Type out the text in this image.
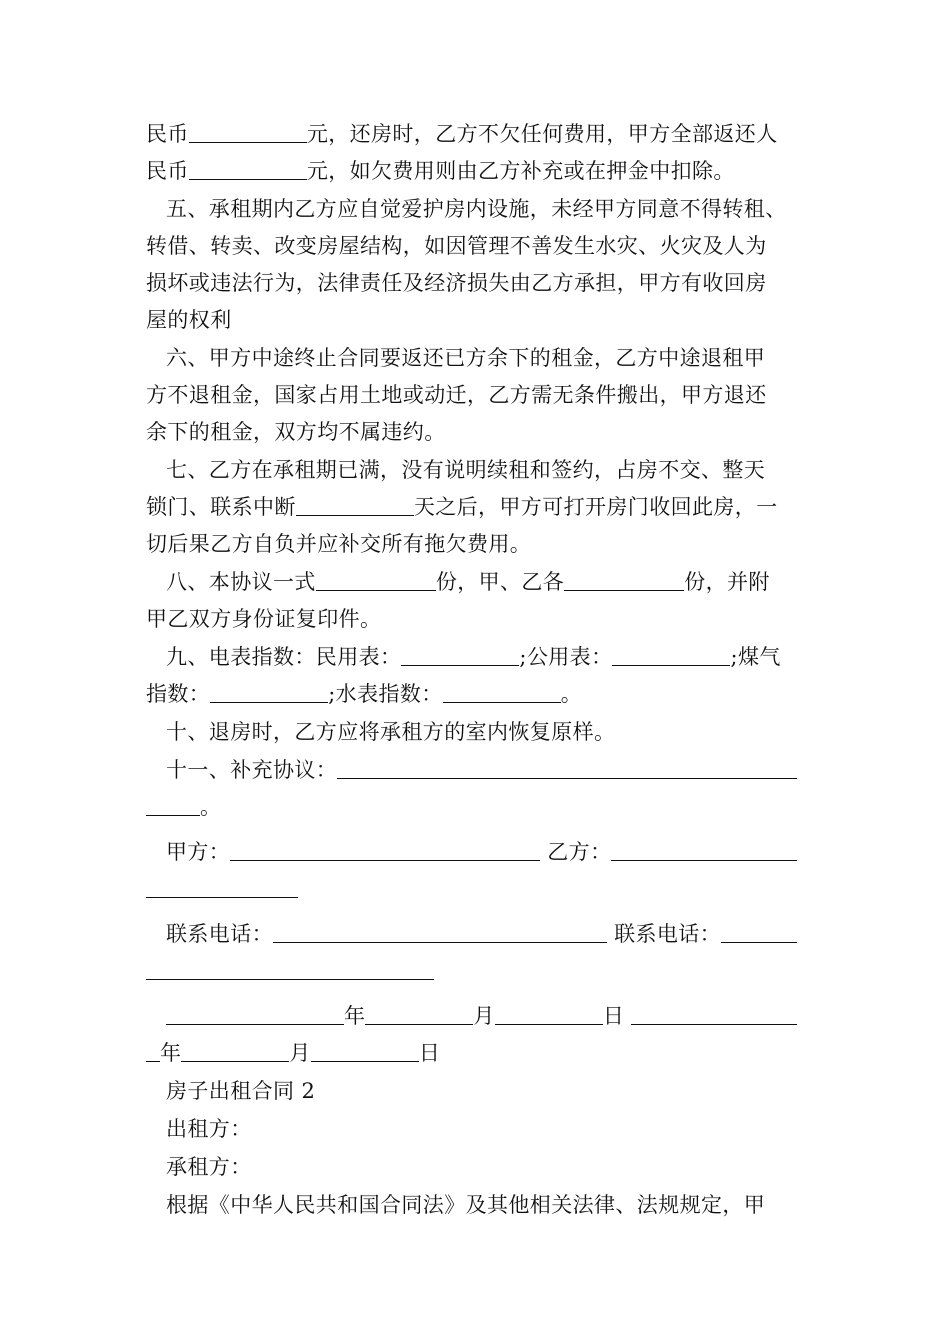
民币	元，还房时，乙方不欠任何费用，甲方全部返还人
民币	元，如欠费用则由乙方补充或在押金中扣除。
五、承租期内乙方应自觉爱护房内设施，未经甲方同意不得转租、
转借、转卖、改变房屋结构，如因管理不善发生水灾、火灾及人为
损坏或违法行为，法律责任及经济损失由乙方承担，甲方有收回房
屋的权利
六、甲方中途终止合同要返还已方余下的租金，乙方中途退租甲
方不退租金，国家占用土地或动迁，乙方需无条件搬出，甲方退还
余下的租金，双方均不属违约。
七、乙方在承租期已满，没有说明续租和签约，占房不交、整天
锁门、联系中断	天之后，甲方可打开房门收回此房，一
切后果乙方自负并应补交所有拖欠费用。
八、本协议一式	份，甲、乙各	份，并附
甲乙双方身份证复印件。
九、电表指数：民用表：	;公用表：	;煤气
指数：	;水表指数：	。
十、退房时，乙方应将承租方的室内恢复原样。
十一、补充协议：
。
甲方：	乙方：
联系电话：	联系电话：
年	月	日
年	月	日
房子出租合同 2
出租方：
承租方：
根据《中华人民共和国合同法》及其他相关法律、法规规定，甲
